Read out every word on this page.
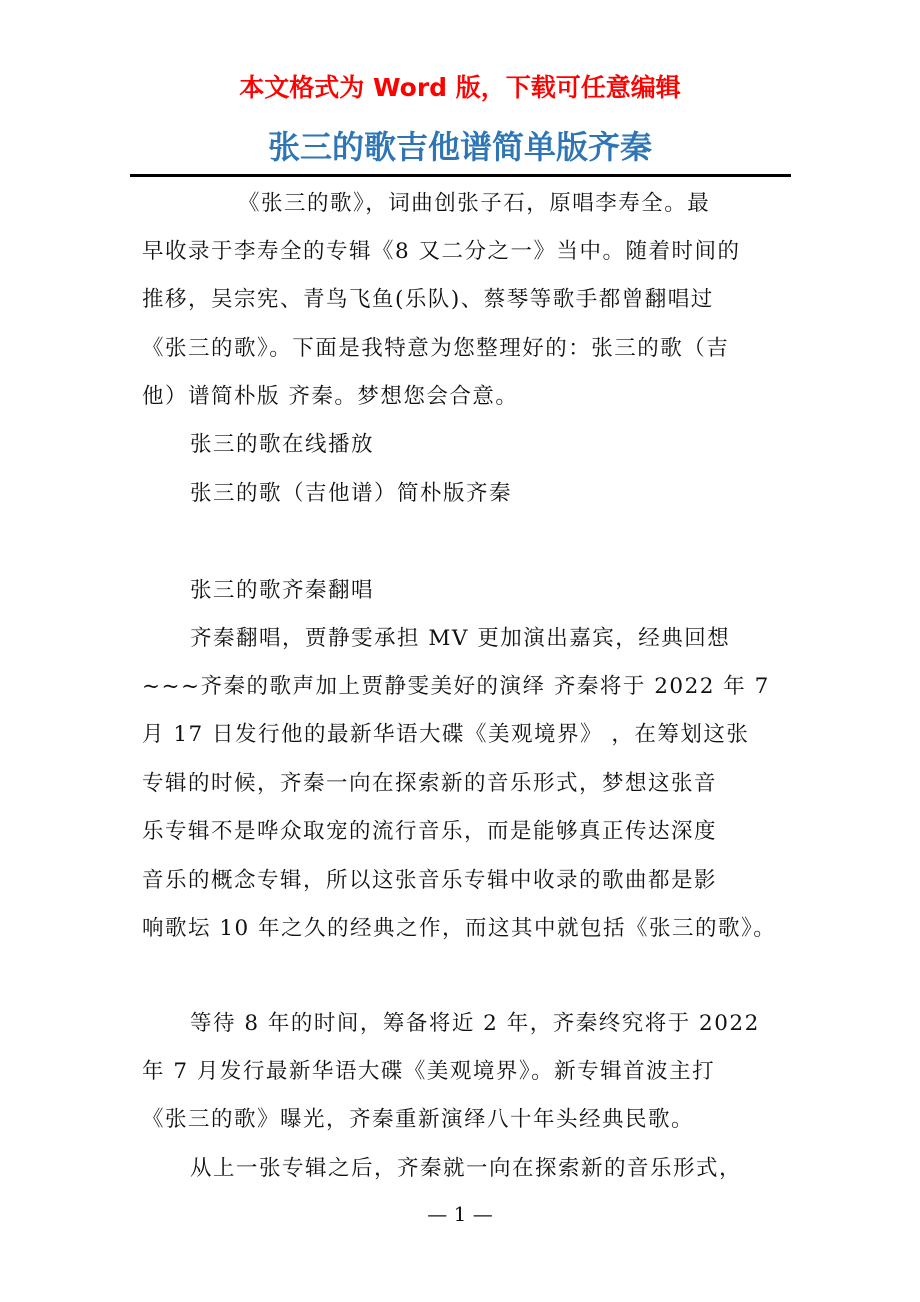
本文格式为 Word 版，下载可任意编辑
张三的歌吉他谱简单版齐秦
《张三的歌》，词曲创张子石，原唱李寿全。最
早收录于李寿全的专辑《8 又二分之一》当中。随着时间的
推移，吴宗宪、青鸟飞鱼(乐队)、蔡琴等歌手都曾翻唱过
《张三的歌》。下面是我特意为您整理好的：张三的歌（吉
他）谱简朴版 齐秦。梦想您会合意。
张三的歌在线播放
张三的歌（吉他谱）简朴版齐秦
张三的歌齐秦翻唱
齐秦翻唱，贾静雯承担 MV 更加演出嘉宾，经典回想
~~~齐秦的歌声加上贾静雯美好的演绎 齐秦将于 2022 年 7
月 17 日发行他的最新华语大碟《美观境界》 ，在筹划这张
专辑的时候，齐秦一向在探索新的音乐形式，梦想这张音
乐专辑不是哗众取宠的流行音乐，而是能够真正传达深度
音乐的概念专辑，所以这张音乐专辑中收录的歌曲都是影
响歌坛 10 年之久的经典之作，而这其中就包括《张三的歌》。
等待 8 年的时间，筹备将近 2 年，齐秦终究将于 2022
年 7 月发行最新华语大碟《美观境界》。新专辑首波主打
《张三的歌》曝光，齐秦重新演绎八十年头经典民歌。
从上一张专辑之后，齐秦就一向在探索新的音乐形式，
— 1 —
